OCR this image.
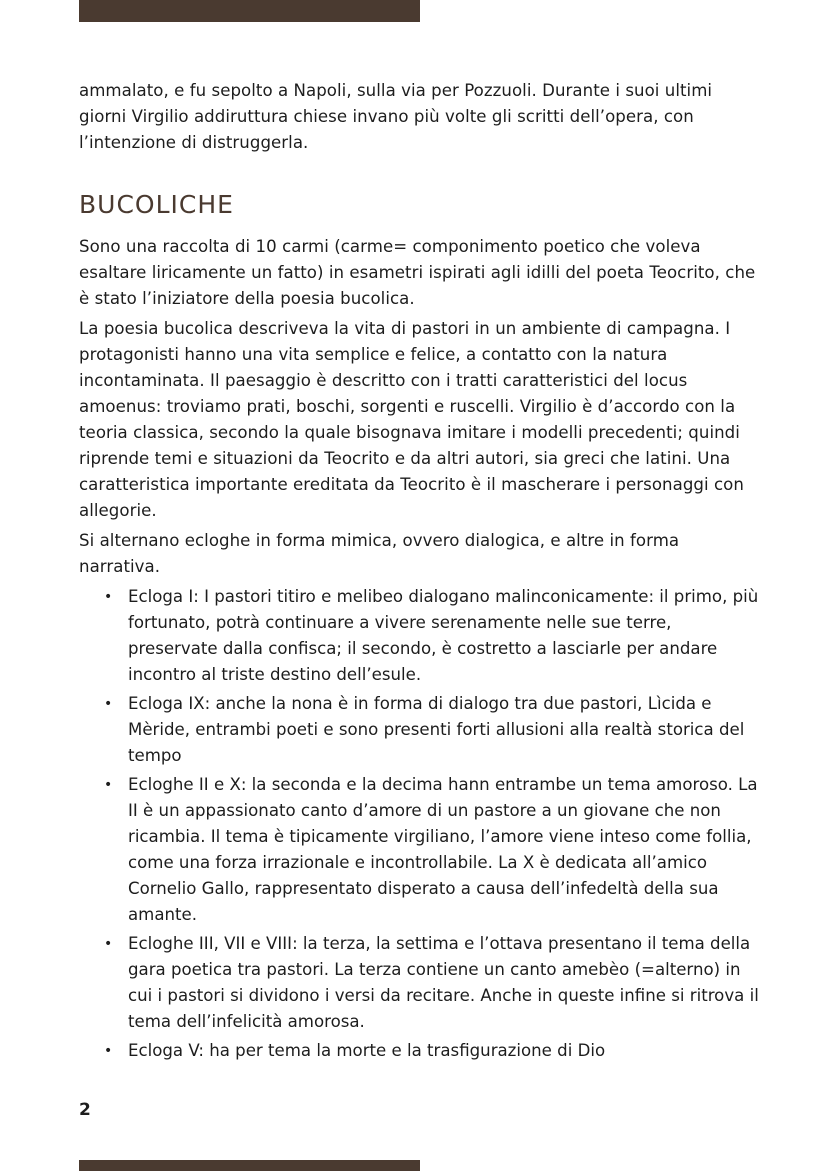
ammalato, e fu sepolto a Napoli, sulla via per Pozzuoli. Durante i suoi ultimi giorni Virgilio addiruttura chiese invano più volte gli scritti dell’opera, con l’intenzione di distruggerla.

BUCOLICHE

Sono una raccolta di 10 carmi (carme= componimento poetico che voleva esaltare liricamente un fatto) in esametri ispirati agli idilli del poeta Teocrito, che è stato l’iniziatore della poesia bucolica.

La poesia bucolica descriveva la vita di pastori in un ambiente di campagna. I protagonisti hanno una vita semplice e felice, a contatto con la natura incontaminata. Il paesaggio è descritto con i tratti caratteristici del locus amoenus: troviamo prati, boschi, sorgenti e ruscelli. Virgilio è d’accordo con la teoria classica, secondo la quale bisognava imitare i modelli precedenti; quindi riprende temi e situazioni da Teocrito e da altri autori, sia greci che latini. Una caratteristica importante ereditata da Teocrito è il mascherare i personaggi con allegorie.

Si alternano ecloghe in forma mimica, ovvero dialogica, e altre in forma narrativa.

• Ecloga I: I pastori titiro e melibeo dialogano malinconicamente: il primo, più fortunato, potrà continuare a vivere serenamente nelle sue terre, preservate dalla confisca; il secondo, è costretto a lasciarle per andare incontro al triste destino dell’esule.
• Ecloga IX: anche la nona è in forma di dialogo tra due pastori, Lìcida e Mèride, entrambi poeti e sono presenti forti allusioni alla realtà storica del tempo
• Ecloghe II e X: la seconda e la decima hann entrambe un tema amoroso. La II è un appassionato canto d’amore di un pastore a un giovane che non ricambia. Il tema è tipicamente virgiliano, l’amore viene inteso come follia, come una forza irrazionale e incontrollabile. La X è dedicata all’amico Cornelio Gallo, rappresentato disperato a causa dell’infedeltà della sua amante.
• Ecloghe III, VII e VIII: la terza, la settima e l’ottava presentano il tema della gara poetica tra pastori. La terza contiene un canto amebèo (=alterno) in cui i pastori si dividono i versi da recitare. Anche in queste infine si ritrova il tema dell’infelicità amorosa.
• Ecloga V: ha per tema la morte e la trasfigurazione di Dio
2
